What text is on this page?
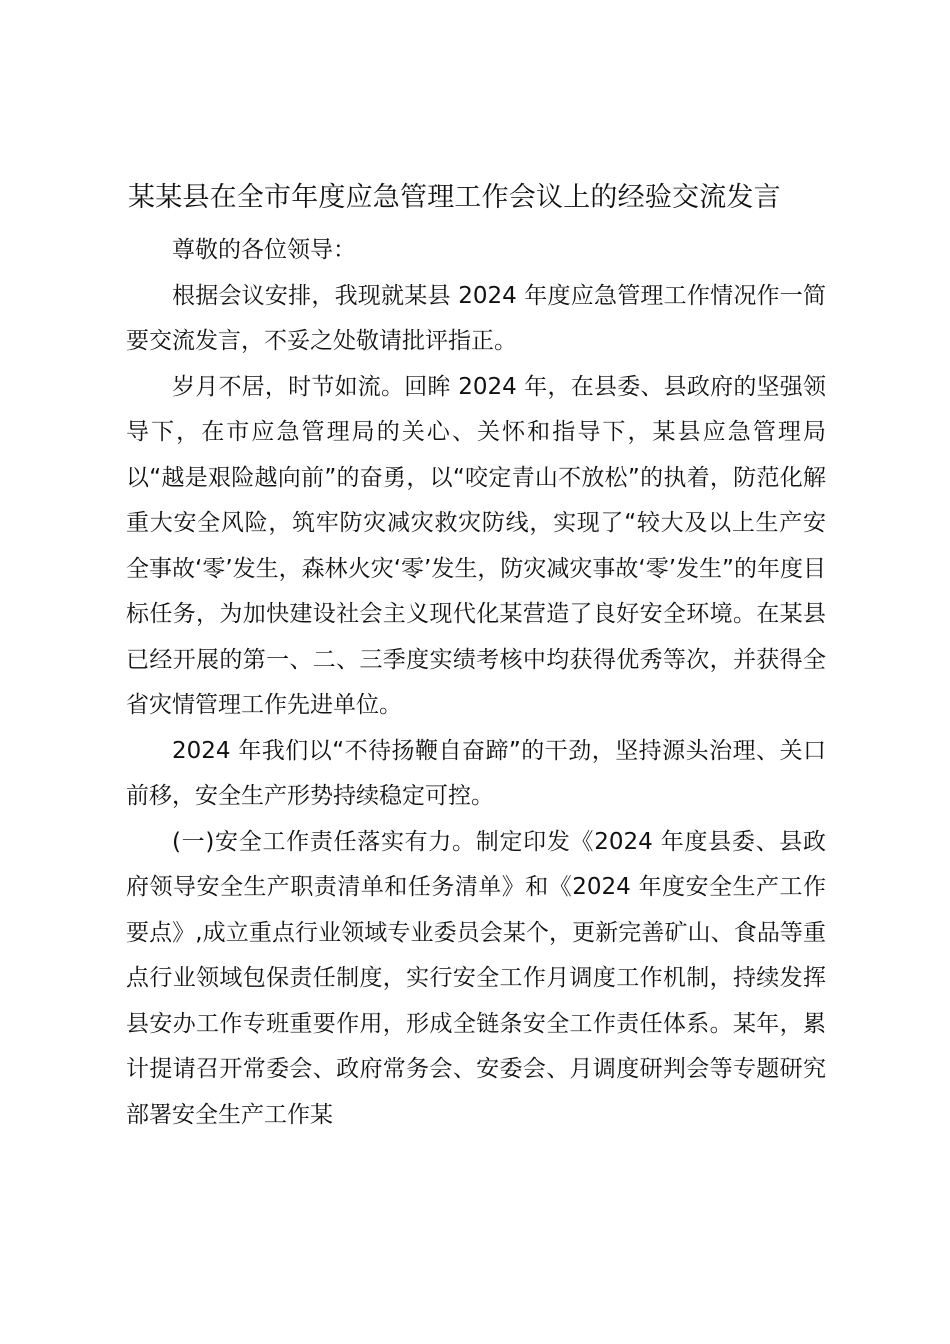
某某县在全市年度应急管理工作会议上的经验交流发言

尊敬的各位领导：

根据会议安排，我现就某县 2024 年度应急管理工作情况作一简要交流发言，不妥之处敬请批评指正。

岁月不居，时节如流。回眸 2024 年，在县委、县政府的坚强领导下，在市应急管理局的关心、关怀和指导下，某县应急管理局以“越是艰险越向前”的奋勇，以“咬定青山不放松”的执着，防范化解重大安全风险，筑牢防灾减灾救灾防线，实现了“较大及以上生产安全事故‘零’发生，森林火灾‘零’发生，防灾减灾事故‘零’发生”的年度目标任务，为加快建设社会主义现代化某营造了良好安全环境。在某县已经开展的第一、二、三季度实绩考核中均获得优秀等次，并获得全省灾情管理工作先进单位。

2024 年我们以“不待扬鞭自奋蹄”的干劲，坚持源头治理、关口前移，安全生产形势持续稳定可控。

(一)安全工作责任落实有力。制定印发《2024 年度县委、县政府领导安全生产职责清单和任务清单》和《2024 年度安全生产工作要点》,成立重点行业领域专业委员会某个，更新完善矿山、食品等重点行业领域包保责任制度，实行安全工作月调度工作机制，持续发挥县安办工作专班重要作用，形成全链条安全工作责任体系。某年，累计提请召开常委会、政府常务会、安委会、月调度研判会等专题研究部署安全生产工作某
